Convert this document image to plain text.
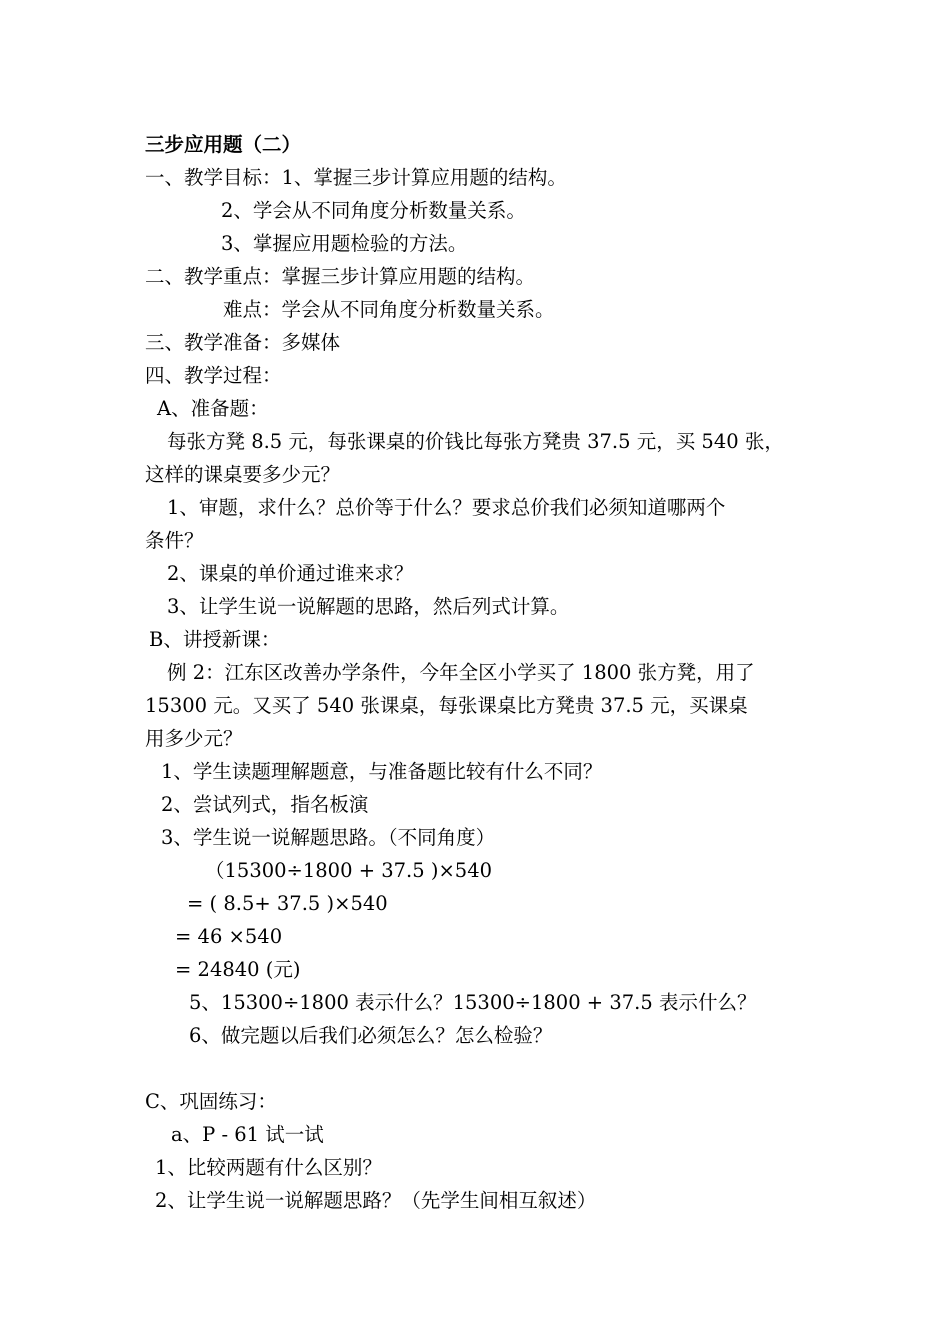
三步应用题（二）
一、教学目标：1、掌握三步计算应用题的结构。
2、学会从不同角度分析数量关系。
3、掌握应用题检验的方法。
二、教学重点：掌握三步计算应用题的结构。
难点：学会从不同角度分析数量关系。
三、教学准备：多媒体
四、教学过程：
A、准备题：
每张方凳 8.5 元，每张课桌的价钱比每张方凳贵 37.5 元，买 540 张，
这样的课桌要多少元？
1、审题，求什么？总价等于什么？要求总价我们必须知道哪两个
条件？
2、课桌的单价通过谁来求？
3、让学生说一说解题的思路，然后列式计算。
B、讲授新课：
例 2：江东区改善办学条件，今年全区小学买了 1800 张方凳，用了
15300 元。又买了 540 张课桌，每张课桌比方凳贵 37.5 元，买课桌
用多少元？
1、学生读题理解题意，与准备题比较有什么不同？
2、尝试列式，指名板演
3、学生说一说解题思路。（不同角度）
（15300÷1800 + 37.5 )×540
= ( 8.5+ 37.5 )×540
= 46 ×540
= 24840 (元)
5、15300÷1800 表示什么？15300÷1800 + 37.5 表示什么？
6、做完题以后我们必须怎么？怎么检验？
C、巩固练习：
a、P - 61 试一试
1、比较两题有什么区别？
2、让学生说一说解题思路？（先学生间相互叙述）
